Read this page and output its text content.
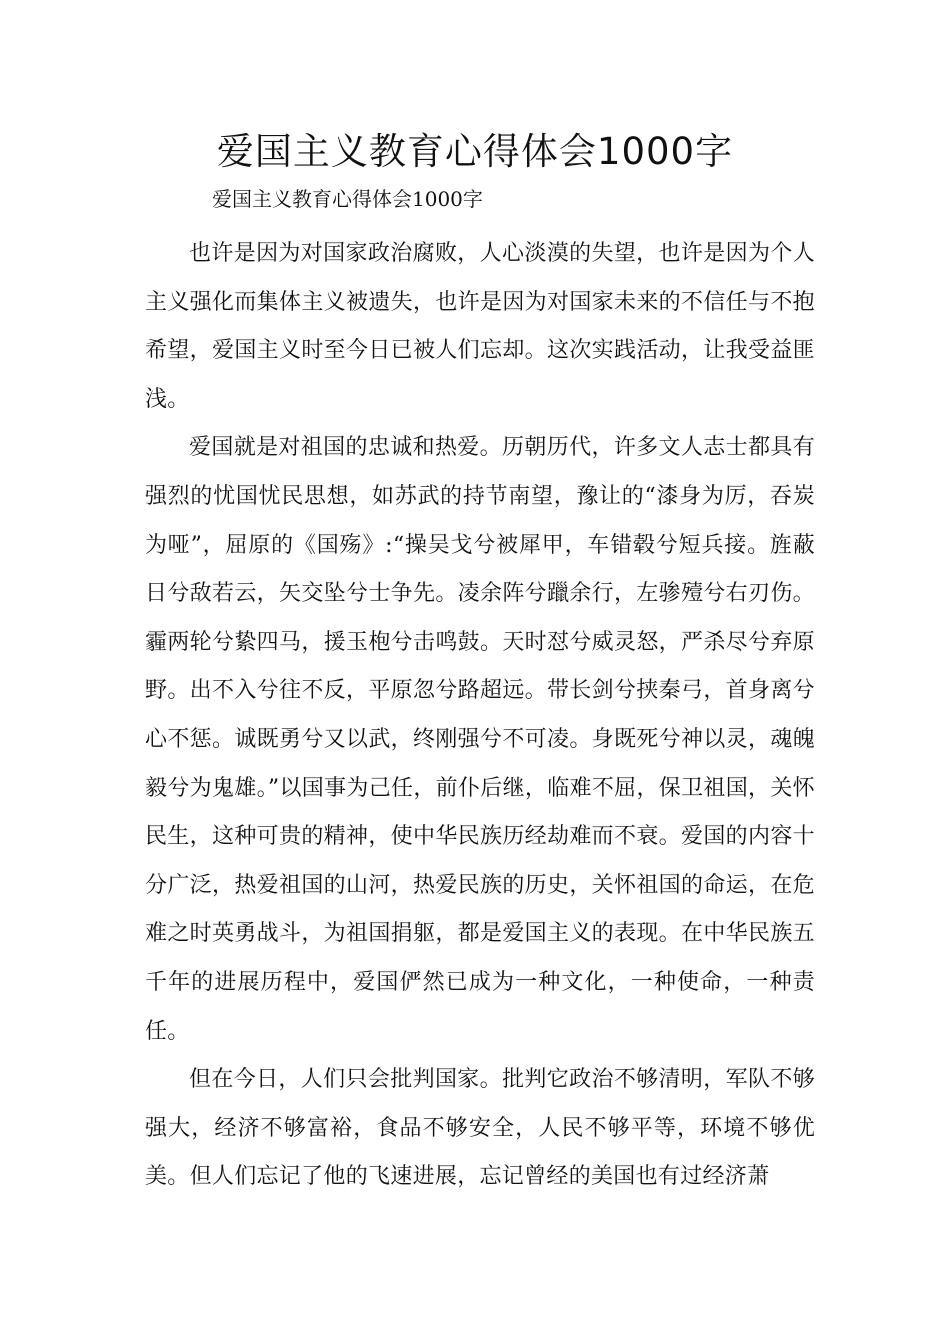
爱国主义教育心得体会1000字

爱国主义教育心得体会1000字

也许是因为对国家政治腐败，人心淡漠的失望，也许是因为个人主义强化而集体主义被遗失，也许是因为对国家未来的不信任与不抱希望，爱国主义时至今日已被人们忘却。这次实践活动，让我受益匪浅。

爱国就是对祖国的忠诚和热爱。历朝历代，许多文人志士都具有强烈的忧国忧民思想，如苏武的持节南望，豫让的“漆身为厉，吞炭为哑”，屈原的《国殇》:“操吴戈兮被犀甲，车错毂兮短兵接。旌蔽日兮敌若云，矢交坠兮士争先。凌余阵兮躐余行，左骖殪兮右刃伤。霾两轮兮絷四马，援玉枹兮击鸣鼓。天时怼兮威灵怒，严杀尽兮弃原野。出不入兮往不反，平原忽兮路超远。带长剑兮挟秦弓，首身离兮心不惩。诚既勇兮又以武，终刚强兮不可凌。身既死兮神以灵，魂魄毅兮为鬼雄。”以国事为己任，前仆后继，临难不屈，保卫祖国，关怀民生，这种可贵的精神，使中华民族历经劫难而不衰。爱国的内容十分广泛，热爱祖国的山河，热爱民族的历史，关怀祖国的命运，在危难之时英勇战斗，为祖国捐躯，都是爱国主义的表现。在中华民族五千年的进展历程中，爱国俨然已成为一种文化，一种使命，一种责任。

但在今日，人们只会批判国家。批判它政治不够清明，军队不够强大，经济不够富裕，食品不够安全，人民不够平等，环境不够优美。但人们忘记了他的飞速进展，忘记曾经的美国也有过经济萧
